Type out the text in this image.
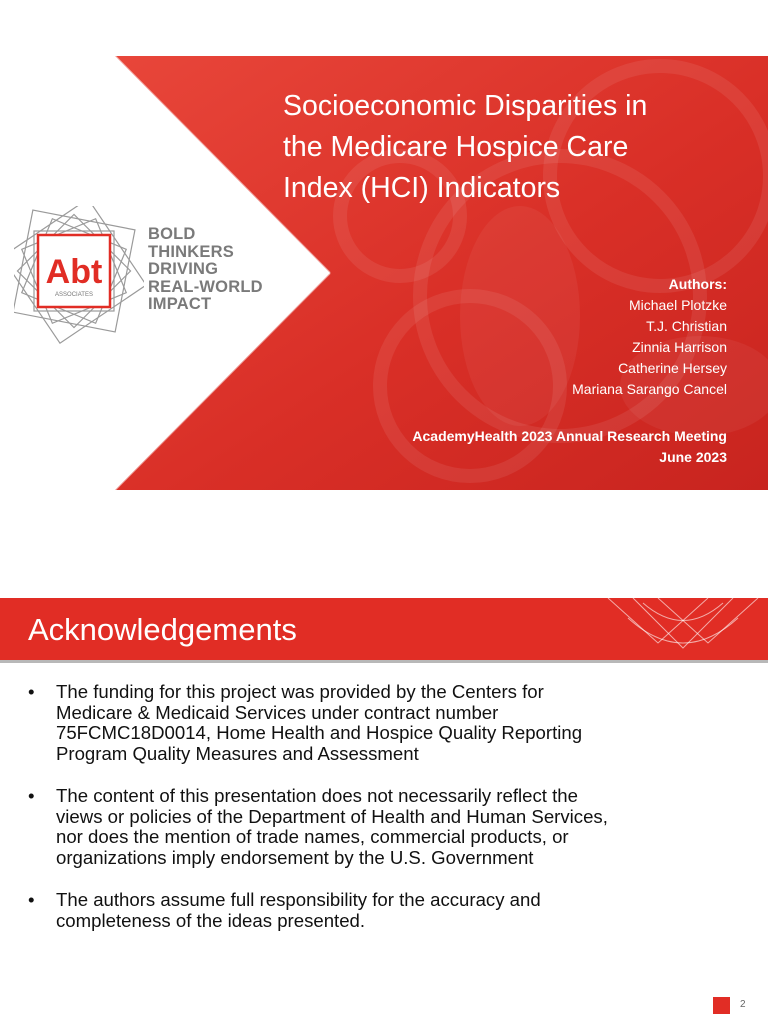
Abt
ASSOCIATES
BOLD
THINKERS
DRIVING
REAL-WORLD
IMPACT
Socioeconomic Disparities in
the Medicare Hospice Care
Index (HCI) Indicators
Authors:
Michael Plotzke
T.J. Christian
Zinnia Harrison
Catherine Hersey
Mariana Sarango Cancel
AcademyHealth 2023 Annual Research Meeting
June 2023
Acknowledgements
• The funding for this project was provided by the Centers for
Medicare & Medicaid Services under contract number
75FCMC18D0014, Home Health and Hospice Quality Reporting
Program Quality Measures and Assessment
• The content of this presentation does not necessarily reflect the
views or policies of the Department of Health and Human Services,
nor does the mention of trade names, commercial products, or
organizations imply endorsement by the U.S. Government
• The authors assume full responsibility for the accuracy and
completeness of the ideas presented.
2
